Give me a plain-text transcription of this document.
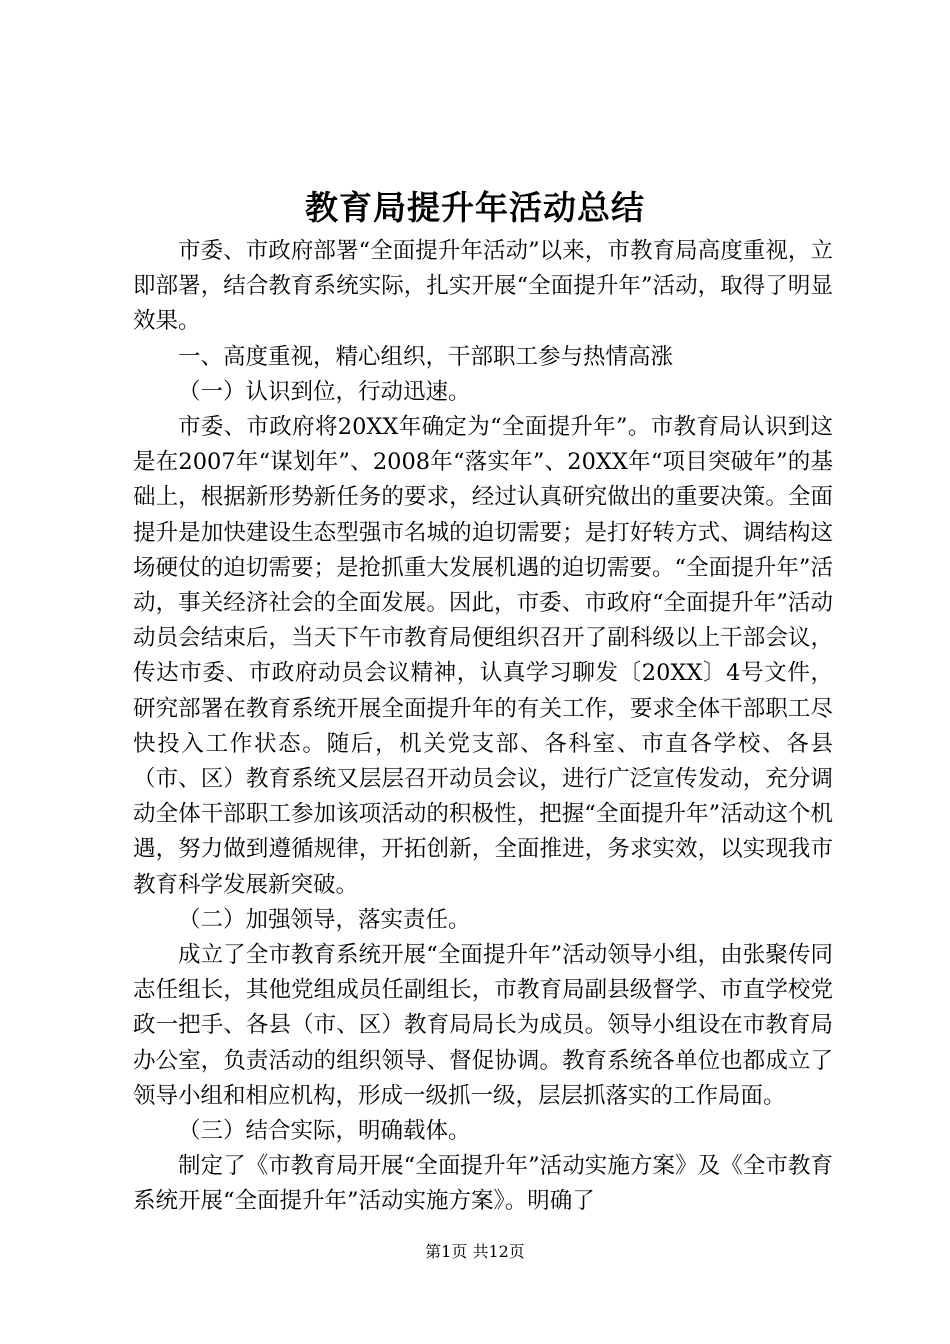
教育局提升年活动总结

市委、市政府部署“全面提升年活动”以来，市教育局高度重视，立即部署，结合教育系统实际，扎实开展“全面提升年”活动，取得了明显效果。

一、高度重视，精心组织，干部职工参与热情高涨

（一）认识到位，行动迅速。

市委、市政府将20XX年确定为“全面提升年”。市教育局认识到这是在2007年“谋划年”、2008年“落实年”、20XX年“项目突破年”的基础上，根据新形势新任务的要求，经过认真研究做出的重要决策。全面提升是加快建设生态型强市名城的迫切需要；是打好转方式、调结构这场硬仗的迫切需要；是抢抓重大发展机遇的迫切需要。“全面提升年”活动，事关经济社会的全面发展。因此，市委、市政府“全面提升年”活动动员会结束后，当天下午市教育局便组织召开了副科级以上干部会议，传达市委、市政府动员会议精神，认真学习聊发〔20XX〕4号文件，研究部署在教育系统开展全面提升年的有关工作，要求全体干部职工尽快投入工作状态。随后，机关党支部、各科室、市直各学校、各县（市、区）教育系统又层层召开动员会议，进行广泛宣传发动，充分调动全体干部职工参加该项活动的积极性，把握“全面提升年”活动这个机遇，努力做到遵循规律，开拓创新，全面推进，务求实效，以实现我市教育科学发展新突破。

（二）加强领导，落实责任。

成立了全市教育系统开展“全面提升年”活动领导小组，由张聚传同志任组长，其他党组成员任副组长，市教育局副县级督学、市直学校党政一把手、各县（市、区）教育局局长为成员。领导小组设在市教育局办公室，负责活动的组织领导、督促协调。教育系统各单位也都成立了领导小组和相应机构，形成一级抓一级，层层抓落实的工作局面。

（三）结合实际，明确载体。

制定了《市教育局开展“全面提升年”活动实施方案》及《全市教育系统开展“全面提升年”活动实施方案》。明确了

第1页 共12页
